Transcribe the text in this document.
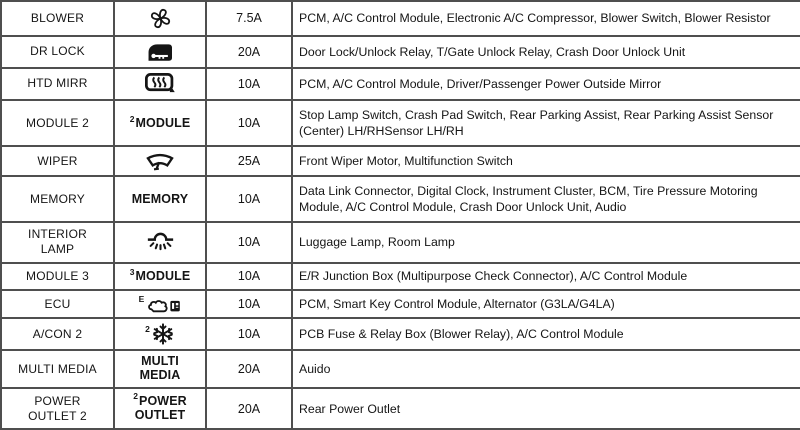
BLOWER		7.5A	PCM, A/C Control Module, Electronic A/C Compressor, Blower Switch, Blower Resistor
DR LOCK		20A	Door Lock/Unlock Relay, T/Gate Unlock Relay, Crash Door Unlock Unit
HTD MIRR		10A	PCM, A/C Control Module, Driver/Passenger Power Outside Mirror
MODULE 2	$^2$MODULE	10A	Stop Lamp Switch, Crash Pad Switch, Rear Parking Assist, Rear Parking Assist Sensor (Center) LH/RHSensor LH/RH
WIPER		25A	Front Wiper Motor, Multifunction Switch
MEMORY	MEMORY	10A	Data Link Connector, Digital Clock, Instrument Cluster, BCM, Tire Pressure Motoring Module, A/C Control Module, Crash Door Unlock Unit, Audio
INTERIOR LAMP		10A	Luggage Lamp, Room Lamp
MODULE 3	$^3$MODULE	10A	E/R Junction Box (Multipurpose Check Connector), A/C Control Module
ECU	$^E$	10A	PCM, Smart Key Control Module, Alternator (G3LA/G4LA)
A/CON 2	$^2$	10A	PCB Fuse & Relay Box (Blower Relay), A/C Control Module
MULTI MEDIA	MULTI MEDIA	20A	Auido
POWER OUTLET 2	$^2$POWER OUTLET	20A	Rear Power Outlet
